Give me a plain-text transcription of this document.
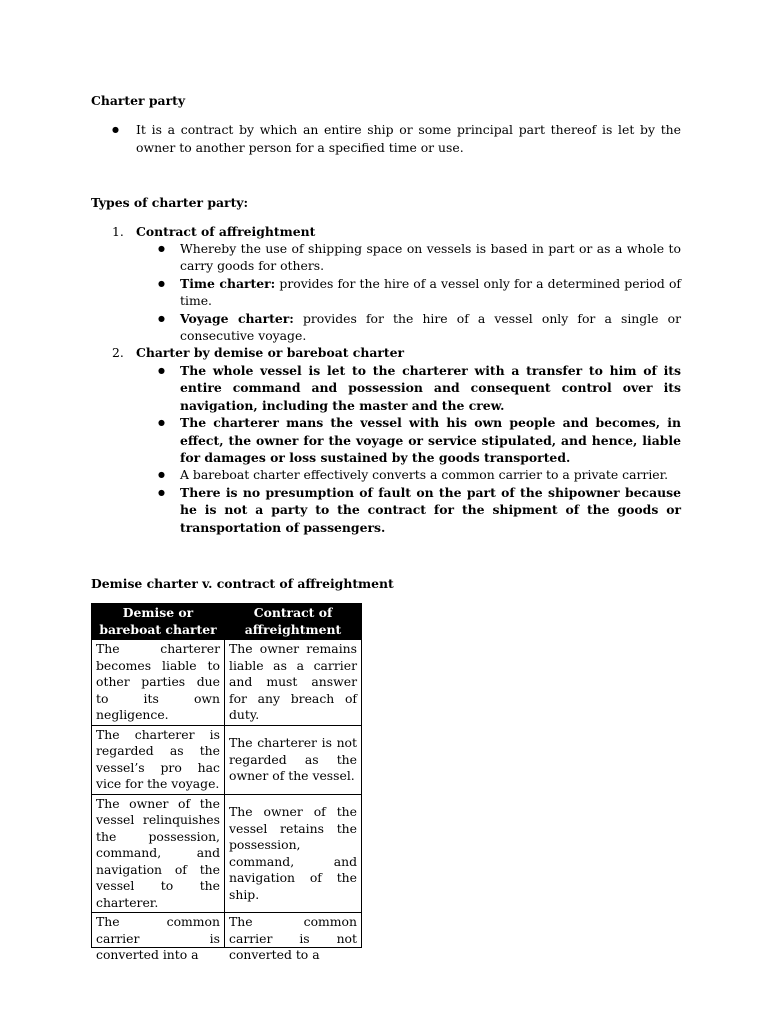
Charter party

● It is a contract by which an entire ship or some principal part thereof is let by the owner to another person for a specified time or use.

Types of charter party:

1. Contract of affreightment
● Whereby the use of shipping space on vessels is based in part or as a whole to carry goods for others.
● Time charter: provides for the hire of a vessel only for a determined period of time.
● Voyage charter: provides for the hire of a vessel only for a single or consecutive voyage.
2. Charter by demise or bareboat charter
● The whole vessel is let to the charterer with a transfer to him of its entire command and possession and consequent control over its navigation, including the master and the crew.
● The charterer mans the vessel with his own people and becomes, in effect, the owner for the voyage or service stipulated, and hence, liable for damages or loss sustained by the goods transported.
● A bareboat charter effectively converts a common carrier to a private carrier.
● There is no presumption of fault on the part of the shipowner because he is not a party to the contract for the shipment of the goods or transportation of passengers.

Demise charter v. contract of affreightment

Demise or bareboat charter	Contract of affreightment
The charterer becomes liable to other parties due to its own negligence.	The owner remains liable as a carrier and must answer for any breach of duty.
The charterer is regarded as the vessel’s pro hac vice for the voyage.	The charterer is not regarded as the owner of the vessel.
The owner of the vessel relinquishes the possession, command, and navigation of the vessel to the charterer.	The owner of the vessel retains the possession, command, and navigation of the ship.

The common carrier is converted into a	The common carrier is not converted to a
